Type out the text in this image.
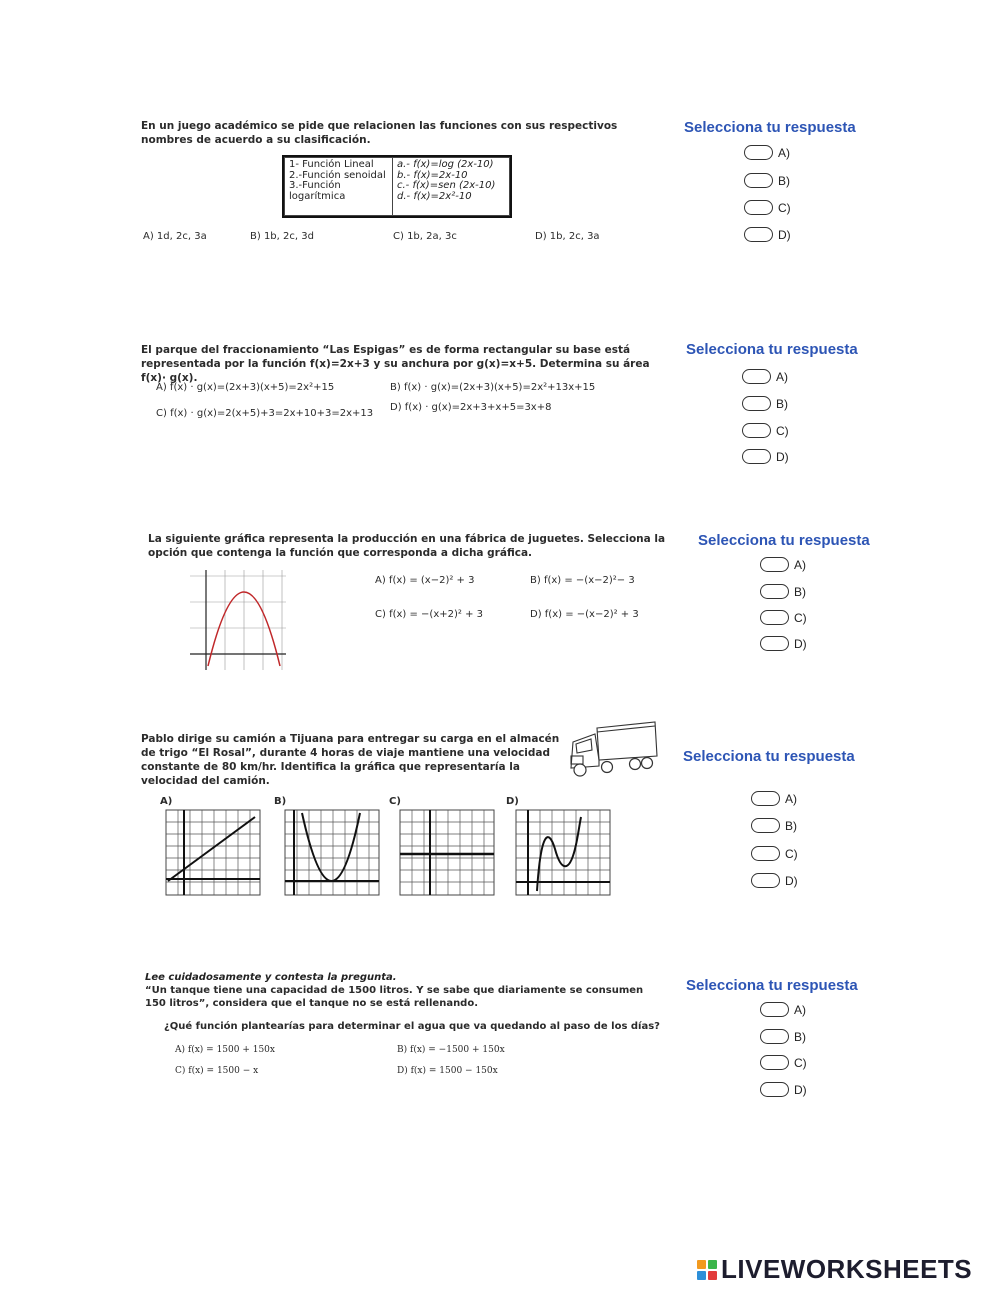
En un juego académico se pide que relacionen las funciones con sus respectivos nombres de acuerdo a su clasificación.
1- Función Lineal
2.-Función senoidal
3.-Función logarítmica

a.- f(x)=log (2x-10)
b.- f(x)=2x-10
c.- f(x)=sen (2x-10)
d.- f(x)=2x²-10
A) 1d, 2c, 3a	B) 1b, 2c, 3d	C) 1b, 2a, 3c	D) 1b, 2c, 3a
Selecciona tu respuesta
A)
B)
C)
D)
El parque del fraccionamiento “Las Espigas” es de forma rectangular su base está representada por la función f(x)=2x+3 y su anchura por g(x)=x+5. Determina su área f(x)· g(x).
A) f(x) · g(x)=(2x+3)(x+5)=2x²+15	B) f(x) · g(x)=(2x+3)(x+5)=2x²+13x+15
C) f(x) · g(x)=2(x+5)+3=2x+10+3=2x+13
D) f(x) · g(x)=2x+3+x+5=3x+8
Selecciona tu respuesta
A)
B)
C)
D)
La siguiente gráfica representa la producción en una fábrica de juguetes. Selecciona la opción que contenga la función que corresponda a dicha gráfica.
A) f(x) = (x−2)² + 3	B) f(x) = −(x−2)²− 3
C) f(x) = −(x+2)² + 3	D) f(x) = −(x−2)² + 3
Selecciona tu respuesta
A)
B)
C)
D)
Pablo dirige su camión a Tijuana para entregar su carga en el almacén de trigo “El Rosal”, durante 4 horas de viaje mantiene una velocidad constante de 80 km/hr. Identifica la gráfica que representaría la velocidad del camión.
A)	B)	C)	D)
Selecciona tu respuesta
A)
B)
C)
D)
Lee cuidadosamente y contesta la pregunta.
“Un tanque tiene una capacidad de 1500 litros. Y se sabe que diariamente se consumen 150 litros”, considera que el tanque no se está rellenando.
¿Qué función plantearías para determinar el agua que va quedando al paso de los días?
A) f(x) = 1500 + 150x	B) f(x) = −1500 + 150x
C) f(x) = 1500 − x	D) f(x) = 1500 − 150x
Selecciona tu respuesta
A)
B)
C)
D)
LIVEWORKSHEETS
